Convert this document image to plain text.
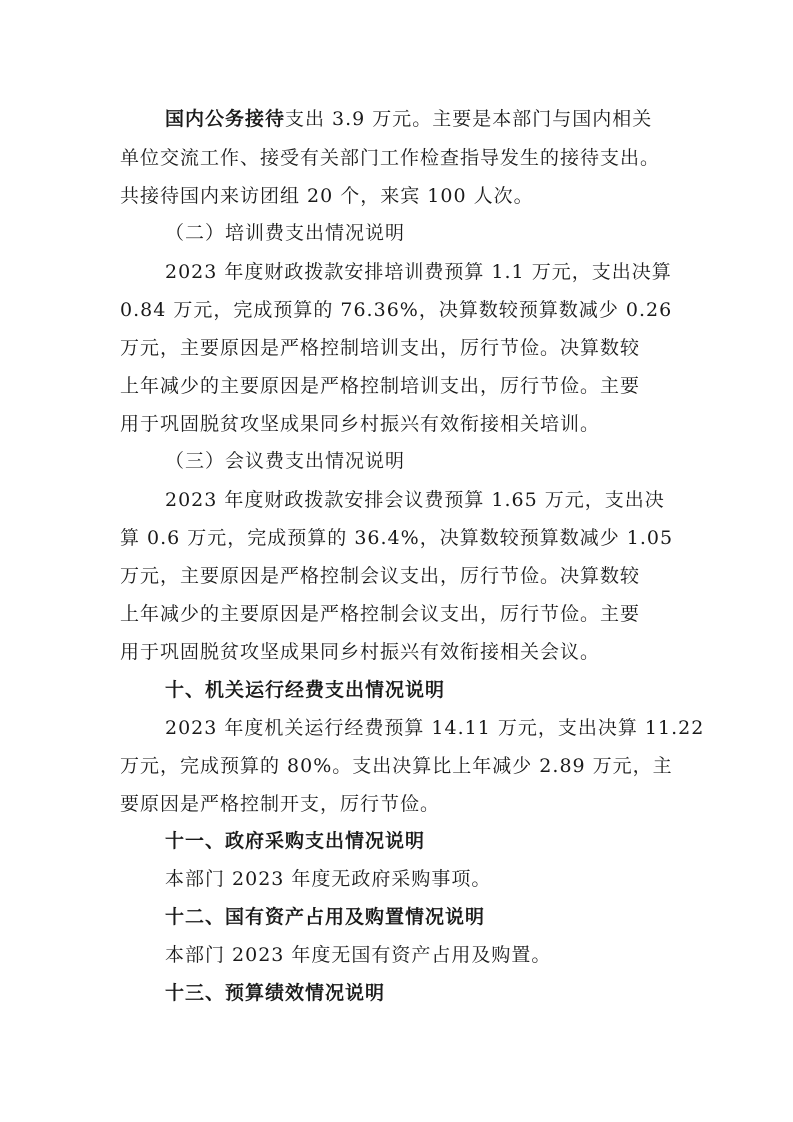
国内公务接待支出 3.9 万元。主要是本部门与国内相关
单位交流工作、接受有关部门工作检查指导发生的接待支出。
共接待国内来访团组 20 个，来宾 100 人次。
（二）培训费支出情况说明
2023 年度财政拨款安排培训费预算 1.1 万元，支出决算
0.84 万元，完成预算的 76.36%，决算数较预算数减少 0.26
万元，主要原因是严格控制培训支出，厉行节俭。决算数较
上年减少的主要原因是严格控制培训支出，厉行节俭。主要
用于巩固脱贫攻坚成果同乡村振兴有效衔接相关培训。
（三）会议费支出情况说明
2023 年度财政拨款安排会议费预算 1.65 万元，支出决
算 0.6 万元，完成预算的 36.4%，决算数较预算数减少 1.05
万元，主要原因是严格控制会议支出，厉行节俭。决算数较
上年减少的主要原因是严格控制会议支出，厉行节俭。主要
用于巩固脱贫攻坚成果同乡村振兴有效衔接相关会议。
十、机关运行经费支出情况说明
2023 年度机关运行经费预算 14.11 万元，支出决算 11.22
万元，完成预算的 80%。支出决算比上年减少 2.89 万元，主
要原因是严格控制开支，厉行节俭。
十一、政府采购支出情况说明
本部门 2023 年度无政府采购事项。
十二、国有资产占用及购置情况说明
本部门 2023 年度无国有资产占用及购置。
十三、预算绩效情况说明
